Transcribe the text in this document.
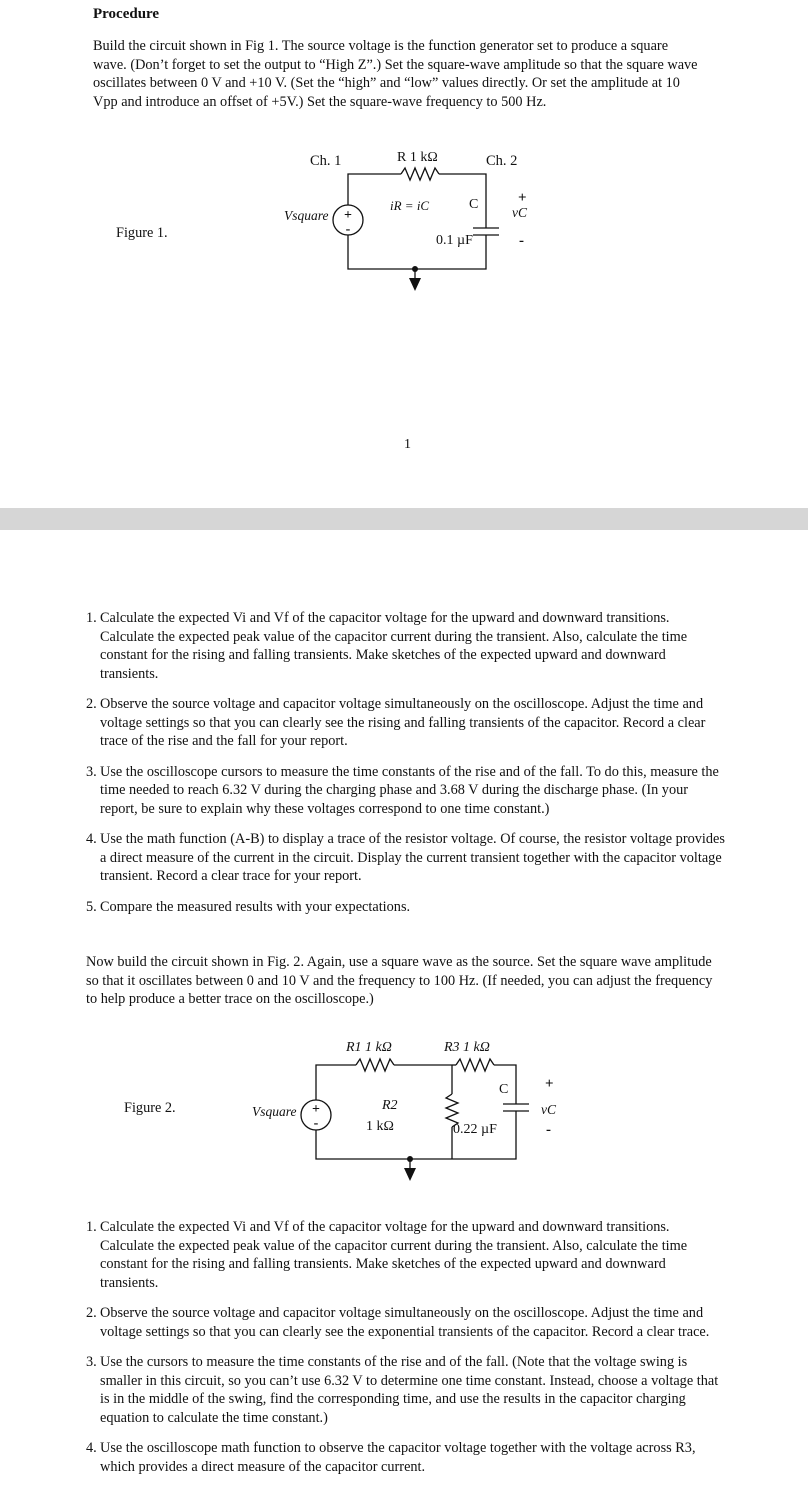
Procedure

Build the circuit shown in Fig 1. The source voltage is the function generator set to produce a square wave. (Don’t forget to set the output to “High Z”.) Set the square-wave amplitude so that the square wave oscillates between 0 V and +10 V. (Set the “high” and “low” values directly. Or set the amplitude at 10 Vpp and introduce an offset of +5V.) Set the square-wave frequency to 500 Hz.

Figure 1.
+
-
Ch. 1	Ch. 2
R 1 kΩ
iR = iC	C
0.1 µF
Vsquare
+
vC
-
1
1. Calculate the expected Vi and Vf of the capacitor voltage for the upward and downward transitions. Calculate the expected peak value of the capacitor current during the transient. Also, calculate the time constant for the rising and falling transients. Make sketches of the expected upward and downward transients.
2. Observe the source voltage and capacitor voltage simultaneously on the oscilloscope. Adjust the time and voltage settings so that you can clearly see the rising and falling transients of the capacitor. Record a clear trace of the rise and the fall for your report.
3. Use the oscilloscope cursors to measure the time constants of the rise and of the fall. To do this, measure the time needed to reach 6.32 V during the charging phase and 3.68 V during the discharge phase. (In your report, be sure to explain why these voltages correspond to one time constant.)
4. Use the math function (A-B) to display a trace of the resistor voltage. Of course, the resistor voltage provides a direct measure of the current in the circuit. Display the current transient together with the capacitor voltage transient. Record a clear trace for your report.
5. Compare the measured results with your expectations.

Now build the circuit shown in Fig. 2. Again, use a square wave as the source. Set the square wave amplitude so that it oscillates between 0 and 10 V and the frequency to 100 Hz. (If needed, you can adjust the frequency to help produce a better trace on the oscilloscope.)

Figure 2.	+
-
R1 1 kΩ	R3 1 kΩ
R2
1 kΩ
C
0.22 µF
Vsquare
+
vC
-
1. Calculate the expected Vi and Vf of the capacitor voltage for the upward and downward transitions. Calculate the expected peak value of the capacitor current during the transient. Also, calculate the time constant for the rising and falling transients. Make sketches of the expected upward and downward transients.
2. Observe the source voltage and capacitor voltage simultaneously on the oscilloscope. Adjust the time and voltage settings so that you can clearly see the exponential transients of the capacitor. Record a clear trace.
3. Use the cursors to measure the time constants of the rise and of the fall. (Note that the voltage swing is smaller in this circuit, so you can’t use 6.32 V to determine one time constant. Instead, choose a voltage that is in the middle of the swing, find the corresponding time, and use the results in the capacitor charging equation to calculate the time constant.)
4. Use the oscilloscope math function to observe the capacitor voltage together with the voltage across R3, which provides a direct measure of the capacitor current.
